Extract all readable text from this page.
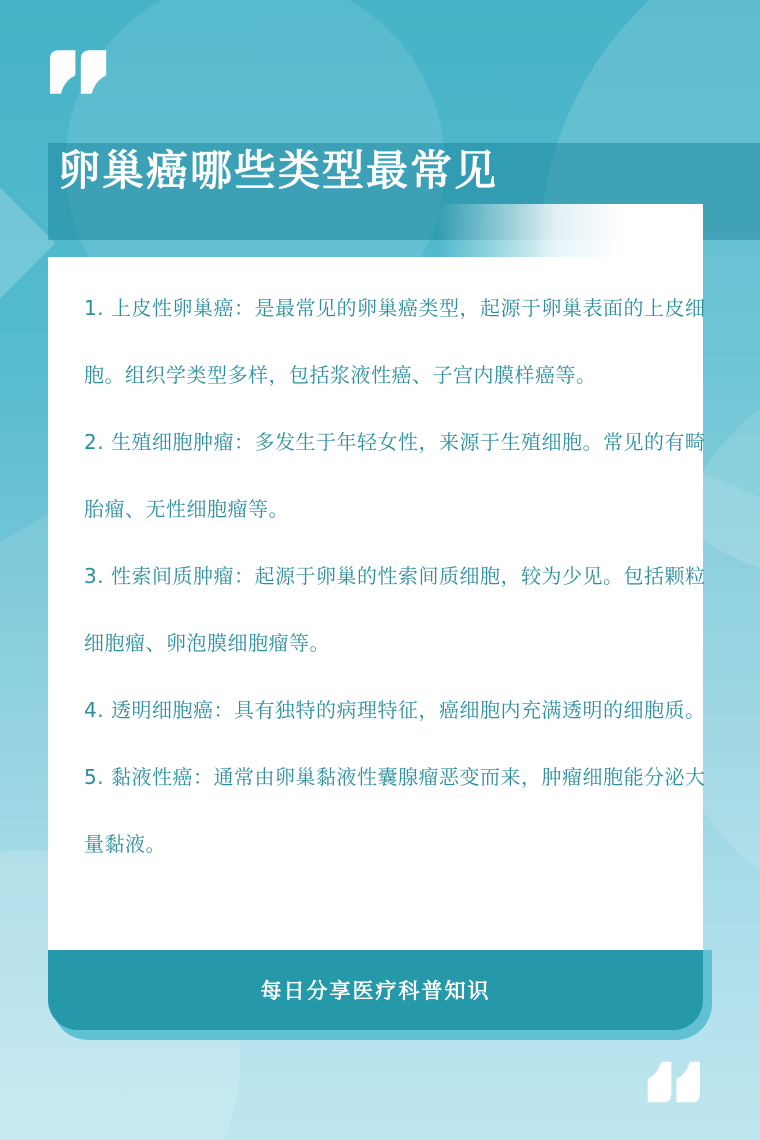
卵巢癌哪些类型最常见
1. 上皮性卵巢癌：是最常见的卵巢癌类型，起源于卵巢表面的上皮细
胞。组织学类型多样，包括浆液性癌、子宫内膜样癌等。
2. 生殖细胞肿瘤：多发生于年轻女性，来源于生殖细胞。常见的有畸
胎瘤、无性细胞瘤等。
3. 性索间质肿瘤：起源于卵巢的性索间质细胞，较为少见。包括颗粒
细胞瘤、卵泡膜细胞瘤等。
4. 透明细胞癌：具有独特的病理特征，癌细胞内充满透明的细胞质。
5. 黏液性癌：通常由卵巢黏液性囊腺瘤恶变而来，肿瘤细胞能分泌大
量黏液。
每日分享医疗科普知识
